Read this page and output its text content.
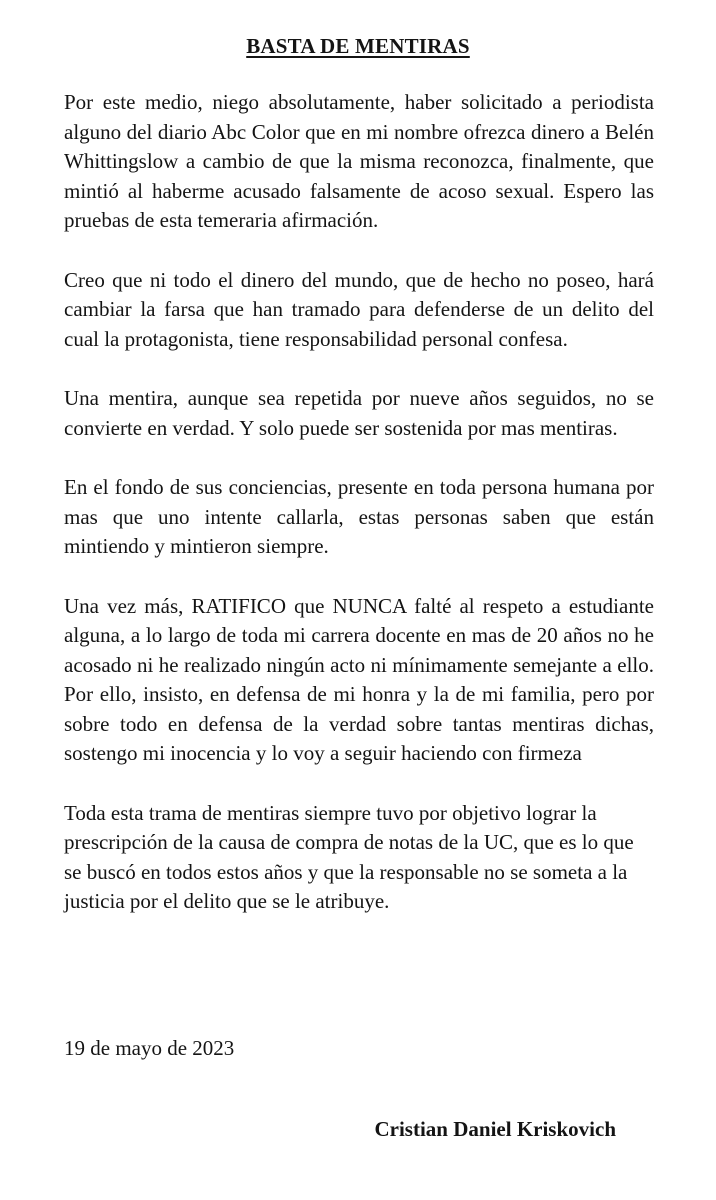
BASTA DE MENTIRAS

Por este medio, niego absolutamente, haber solicitado a periodista alguno del diario Abc Color que en mi nombre ofrezca dinero a Belén Whittingslow a cambio de que la misma reconozca, finalmente, que mintió al haberme acusado falsamente de acoso sexual. Espero las pruebas de esta temeraria afirmación.

Creo que ni todo el dinero del mundo, que de hecho no poseo, hará cambiar la farsa que han tramado para defenderse de un delito del cual la protagonista, tiene responsabilidad personal confesa.

Una mentira, aunque sea repetida por nueve años seguidos, no se convierte en verdad. Y solo puede ser sostenida por mas mentiras.

En el fondo de sus conciencias, presente en toda persona humana por mas que uno intente callarla, estas personas saben que están mintiendo y mintieron siempre.

Una vez más, RATIFICO que NUNCA falté al respeto a estudiante alguna, a lo largo de toda mi carrera docente en mas de 20 años no he acosado ni he realizado ningún acto ni mínimamente semejante a ello. Por ello, insisto, en defensa de mi honra y la de mi familia, pero por sobre todo en defensa de la verdad sobre tantas mentiras dichas, sostengo mi inocencia y lo voy a seguir haciendo con firmeza

Toda esta trama de mentiras siempre tuvo por objetivo lograr la prescripción de la causa de compra de notas de la UC, que es lo que se buscó en todos estos años y que la responsable no se someta a la justicia por el delito que se le atribuye.

19 de mayo de 2023

Cristian Daniel Kriskovich
